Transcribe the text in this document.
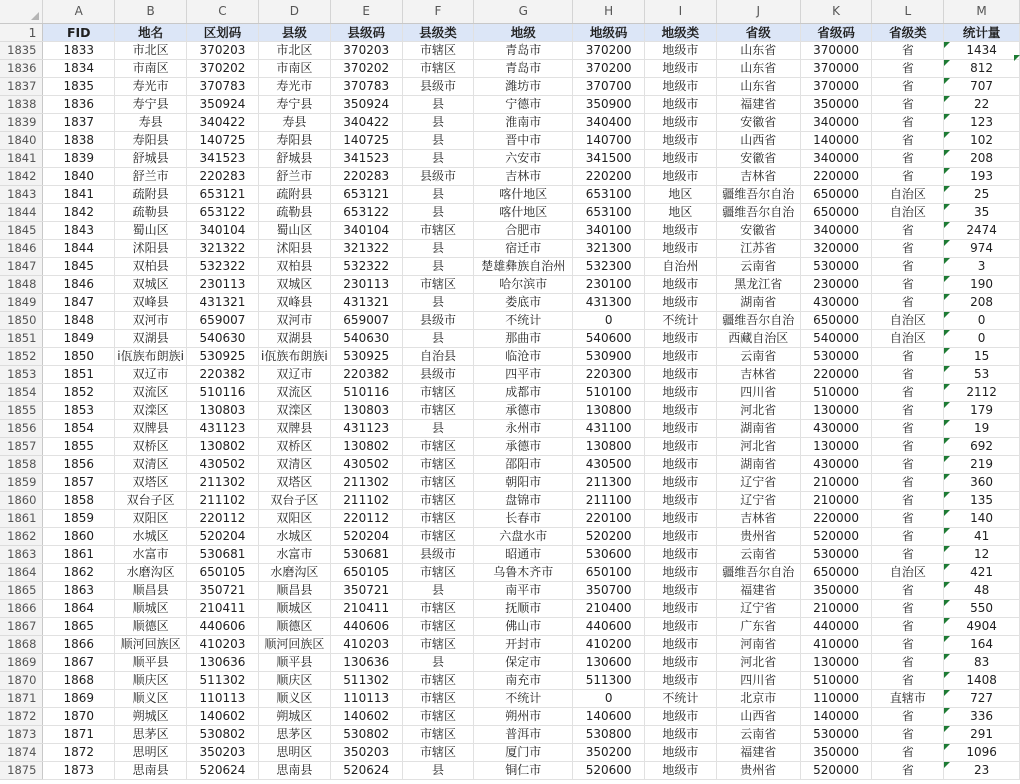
	A	B	C	D	E	F	G	H	I	J	K	L	M
1	FID	地名	区划码	县级	县级码	县级类	地级	地级码	地级类	省级	省级码	省级类	统计量
1835	1833	市北区	370203	市北区	370203	市辖区	青岛市	370200	地级市	山东省	370000	省	1434
1836	1834	市南区	370202	市南区	370202	市辖区	青岛市	370200	地级市	山东省	370000	省	812
1837	1835	寿光市	370783	寿光市	370783	县级市	潍坊市	370700	地级市	山东省	370000	省	707
1838	1836	寿宁县	350924	寿宁县	350924	县	宁德市	350900	地级市	福建省	350000	省	22
1839	1837	寿县	340422	寿县	340422	县	淮南市	340400	地级市	安徽省	340000	省	123
1840	1838	寿阳县	140725	寿阳县	140725	县	晋中市	140700	地级市	山西省	140000	省	102
1841	1839	舒城县	341523	舒城县	341523	县	六安市	341500	地级市	安徽省	340000	省	208
1842	1840	舒兰市	220283	舒兰市	220283	县级市	吉林市	220200	地级市	吉林省	220000	省	193
1843	1841	疏附县	653121	疏附县	653121	县	喀什地区	653100	地区	疆维吾尔自治	650000	自治区	25
1844	1842	疏勒县	653122	疏勒县	653122	县	喀什地区	653100	地区	疆维吾尔自治	650000	自治区	35
1845	1843	蜀山区	340104	蜀山区	340104	市辖区	合肥市	340100	地级市	安徽省	340000	省	2474
1846	1844	沭阳县	321322	沭阳县	321322	县	宿迁市	321300	地级市	江苏省	320000	省	974
1847	1845	双柏县	532322	双柏县	532322	县	楚雄彝族自治州	532300	自治州	云南省	530000	省	3
1848	1846	双城区	230113	双城区	230113	市辖区	哈尔滨市	230100	地级市	黑龙江省	230000	省	190
1849	1847	双峰县	431321	双峰县	431321	县	娄底市	431300	地级市	湖南省	430000	省	208
1850	1848	双河市	659007	双河市	659007	县级市	不统计	0	不统计	疆维吾尔自治	650000	自治区	0
1851	1849	双湖县	540630	双湖县	540630	县	那曲市	540600	地级市	西藏自治区	540000	自治区	0
1852	1850	i佤族布朗族i	530925	i佤族布朗族i	530925	自治县	临沧市	530900	地级市	云南省	530000	省	15
1853	1851	双辽市	220382	双辽市	220382	县级市	四平市	220300	地级市	吉林省	220000	省	53
1854	1852	双流区	510116	双流区	510116	市辖区	成都市	510100	地级市	四川省	510000	省	2112
1855	1853	双滦区	130803	双滦区	130803	市辖区	承德市	130800	地级市	河北省	130000	省	179
1856	1854	双牌县	431123	双牌县	431123	县	永州市	431100	地级市	湖南省	430000	省	19
1857	1855	双桥区	130802	双桥区	130802	市辖区	承德市	130800	地级市	河北省	130000	省	692
1858	1856	双清区	430502	双清区	430502	市辖区	邵阳市	430500	地级市	湖南省	430000	省	219
1859	1857	双塔区	211302	双塔区	211302	市辖区	朝阳市	211300	地级市	辽宁省	210000	省	360
1860	1858	双台子区	211102	双台子区	211102	市辖区	盘锦市	211100	地级市	辽宁省	210000	省	135
1861	1859	双阳区	220112	双阳区	220112	市辖区	长春市	220100	地级市	吉林省	220000	省	140
1862	1860	水城区	520204	水城区	520204	市辖区	六盘水市	520200	地级市	贵州省	520000	省	41
1863	1861	水富市	530681	水富市	530681	县级市	昭通市	530600	地级市	云南省	530000	省	12
1864	1862	水磨沟区	650105	水磨沟区	650105	市辖区	乌鲁木齐市	650100	地级市	疆维吾尔自治	650000	自治区	421
1865	1863	顺昌县	350721	顺昌县	350721	县	南平市	350700	地级市	福建省	350000	省	48
1866	1864	顺城区	210411	顺城区	210411	市辖区	抚顺市	210400	地级市	辽宁省	210000	省	550
1867	1865	顺德区	440606	顺德区	440606	市辖区	佛山市	440600	地级市	广东省	440000	省	4904
1868	1866	顺河回族区	410203	顺河回族区	410203	市辖区	开封市	410200	地级市	河南省	410000	省	164
1869	1867	顺平县	130636	顺平县	130636	县	保定市	130600	地级市	河北省	130000	省	83
1870	1868	顺庆区	511302	顺庆区	511302	市辖区	南充市	511300	地级市	四川省	510000	省	1408
1871	1869	顺义区	110113	顺义区	110113	市辖区	不统计	0	不统计	北京市	110000	直辖市	727
1872	1870	朔城区	140602	朔城区	140602	市辖区	朔州市	140600	地级市	山西省	140000	省	336
1873	1871	思茅区	530802	思茅区	530802	市辖区	普洱市	530800	地级市	云南省	530000	省	291
1874	1872	思明区	350203	思明区	350203	市辖区	厦门市	350200	地级市	福建省	350000	省	1096
1875	1873	思南县	520624	思南县	520624	县	铜仁市	520600	地级市	贵州省	520000	省	23
